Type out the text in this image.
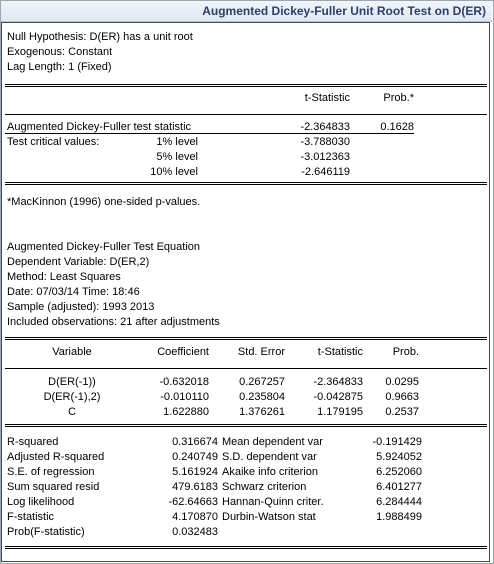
Augmented Dickey-Fuller Unit Root Test on D(ER)
Null Hypothesis: D(ER) has a unit root
Exogenous: Constant
Lag Length: 1 (Fixed)
t-Statistic	Prob.*
Augmented Dickey-Fuller test statistic	-2.364833	0.1628
Test critical values:	1% level	-3.788030
5% level	-3.012363
10% level	-2.646119
*MacKinnon (1996) one-sided p-values.
Augmented Dickey-Fuller Test Equation
Dependent Variable: D(ER,2)
Method: Least Squares
Date: 07/03/14 Time: 18:46
Sample (adjusted): 1993 2013
Included observations: 21 after adjustments
Variable	Coefficient	Std. Error	t-Statistic	Prob.
D(ER(-1))	-0.632018	0.267257	-2.364833	0.0295
D(ER(-1),2)	-0.010110	0.235804	-0.042875	0.9663
C	1.622880	1.376261	1.179195	0.2537
R-squared	0.316674 Mean dependent var	-0.191429
Adjusted R-squared	0.240749 S.D. dependent var	5.924052
S.E. of regression	5.161924 Akaike info criterion	6.252060
Sum squared resid	479.6183 Schwarz criterion	6.401277
Log likelihood	-62.64663 Hannan-Quinn criter.	6.284444
F-statistic	4.170870 Durbin-Watson stat	1.988499
Prob(F-statistic)	0.032483
